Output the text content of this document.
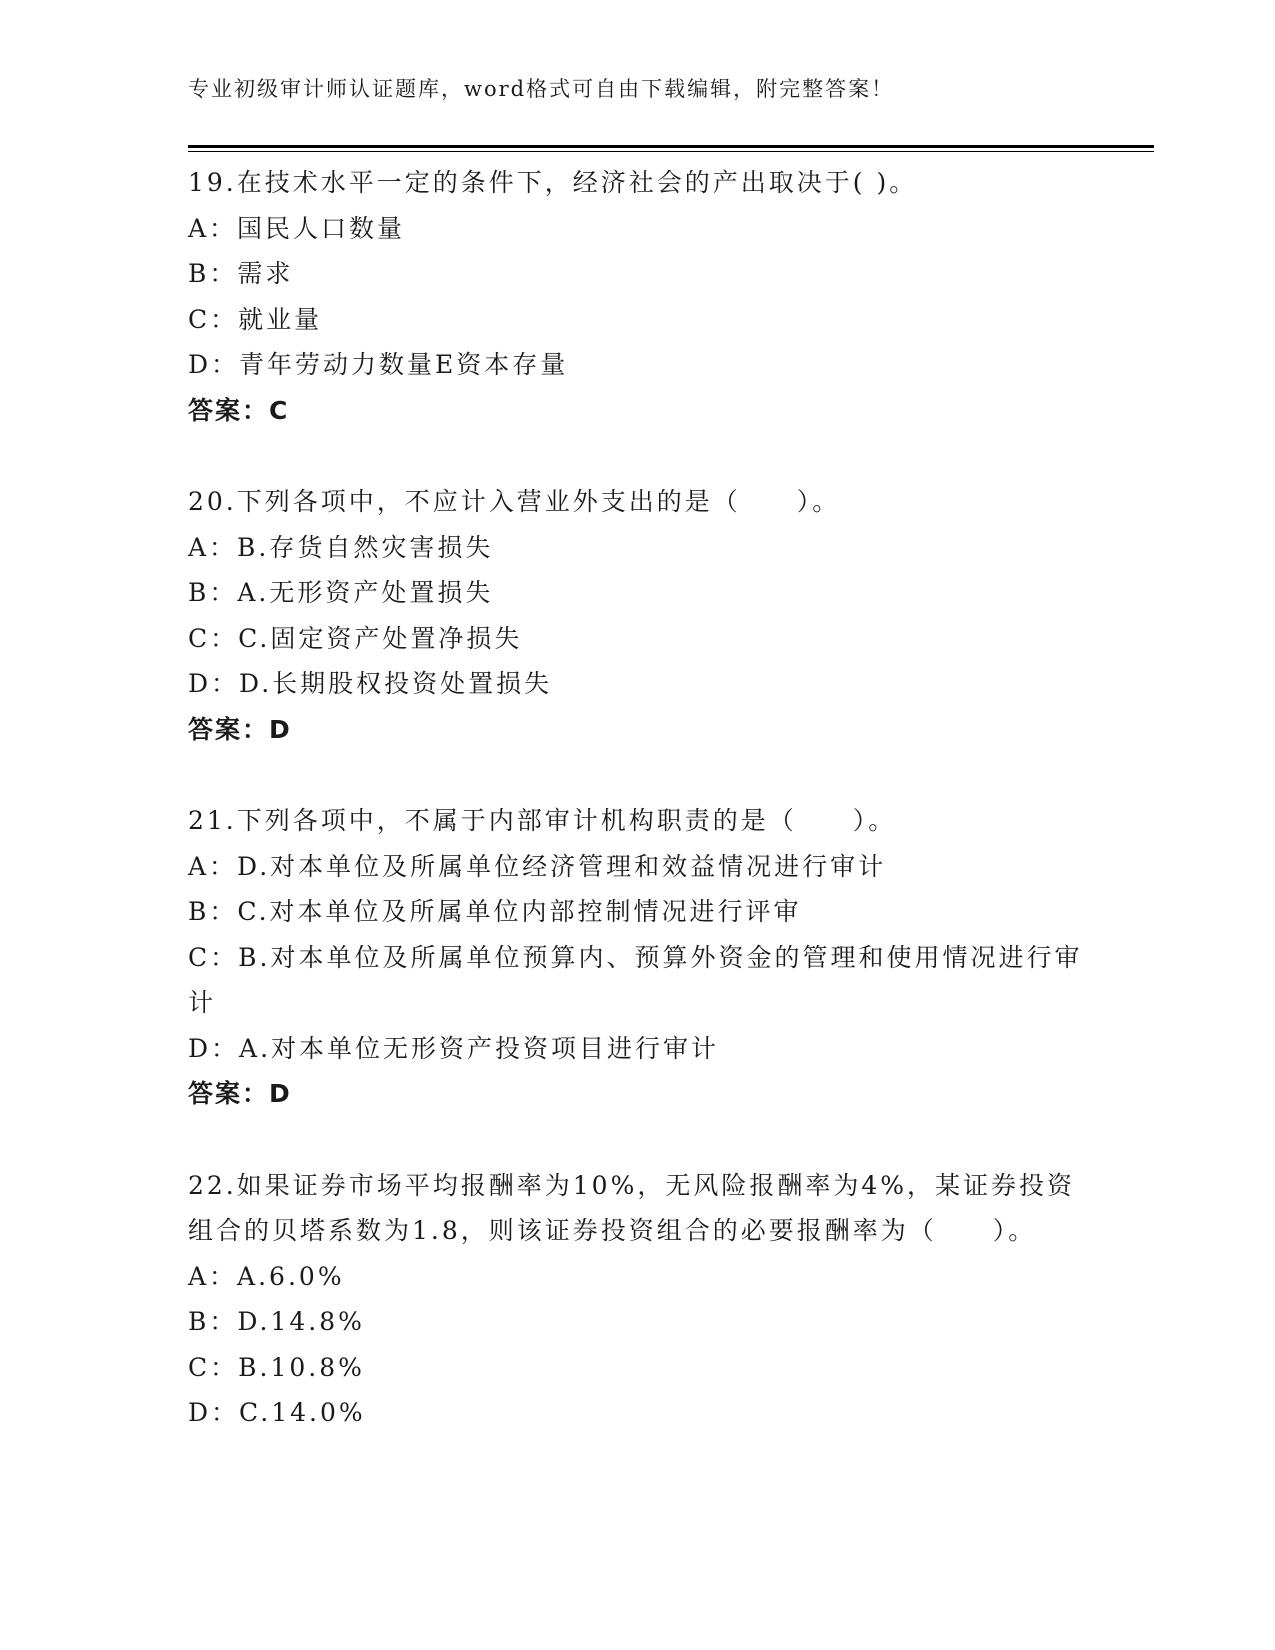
专业初级审计师认证题库，word格式可自由下载编辑，附完整答案！
19.在技术水平一定的条件下，经济社会的产出取决于( )。
A：国民人口数量
B：需求
C：就业量
D：青年劳动力数量E资本存量
答案：C
20.下列各项中，不应计入营业外支出的是（　　）。
A：B.存货自然灾害损失
B：A.无形资产处置损失
C：C.固定资产处置净损失
D：D.长期股权投资处置损失
答案：D
21.下列各项中，不属于内部审计机构职责的是（　　）。
A：D.对本单位及所属单位经济管理和效益情况进行审计
B：C.对本单位及所属单位内部控制情况进行评审
C：B.对本单位及所属单位预算内、预算外资金的管理和使用情况进行审计
D：A.对本单位无形资产投资项目进行审计
答案：D
22.如果证券市场平均报酬率为10%，无风险报酬率为4%，某证券投资组合的贝塔系数为1.8，则该证券投资组合的必要报酬率为（　　）。
A：A.6.0%
B：D.14.8%
C：B.10.8%
D：C.14.0%
